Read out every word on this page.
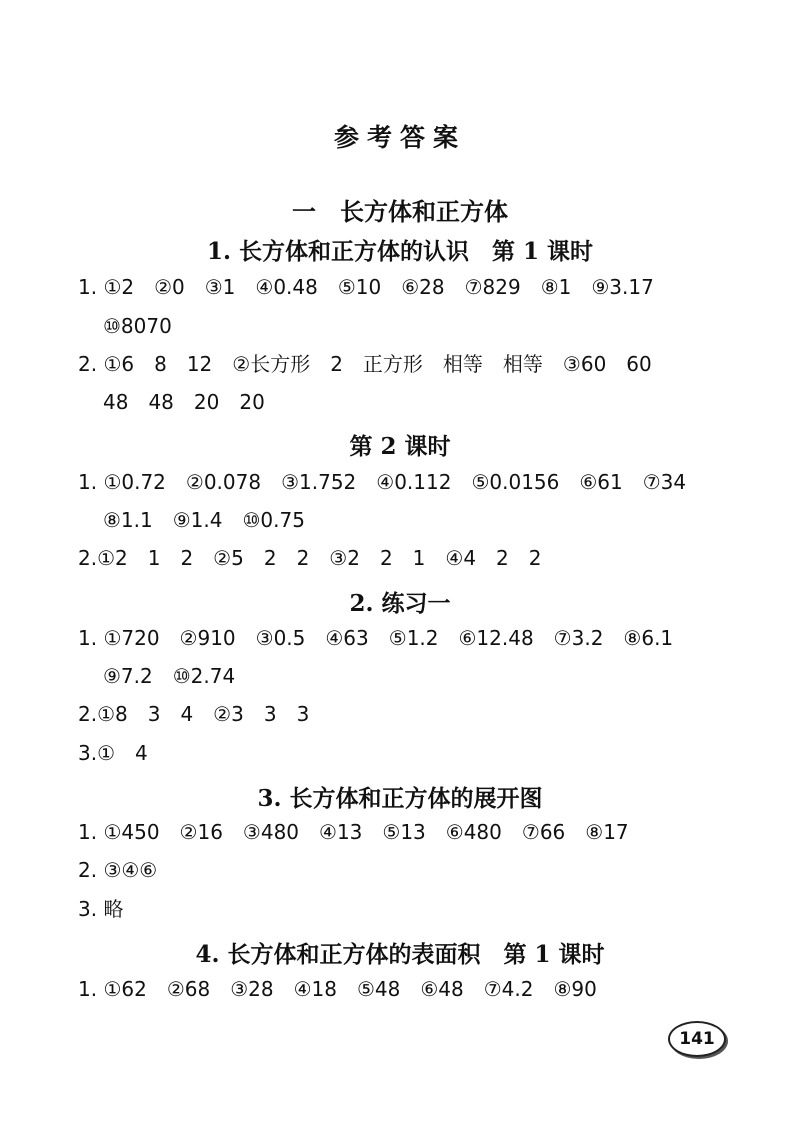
参考答案
一　长方体和正方体
1. 长方体和正方体的认识　第 1 课时
1. ①2　②0　③1　④0.48　⑤10　⑥28　⑦829　⑧1　⑨3.17
⑩8070
2. ①6　8　12　②长方形　2　正方形　相等　相等　③60　60
48　48　20　20
第 2 课时
1. ①0.72　②0.078　③1.752　④0.112　⑤0.0156　⑥61　⑦34
⑧1.1　⑨1.4　⑩0.75
2.①2　1　2　②5　2　2　③2　2　1　④4　2　2
2. 练习一
1. ①720　②910　③0.5　④63　⑤1.2　⑥12.48　⑦3.2　⑧6.1
⑨7.2　⑩2.74
2.①8　3　4　②3　3　3
3.①　4
3. 长方体和正方体的展开图
1. ①450　②16　③480　④13　⑤13　⑥480　⑦66　⑧17
2. ③④⑥
3. 略
4. 长方体和正方体的表面积　第 1 课时
1. ①62　②68　③28　④18　⑤48　⑥48　⑦4.2　⑧90
141
